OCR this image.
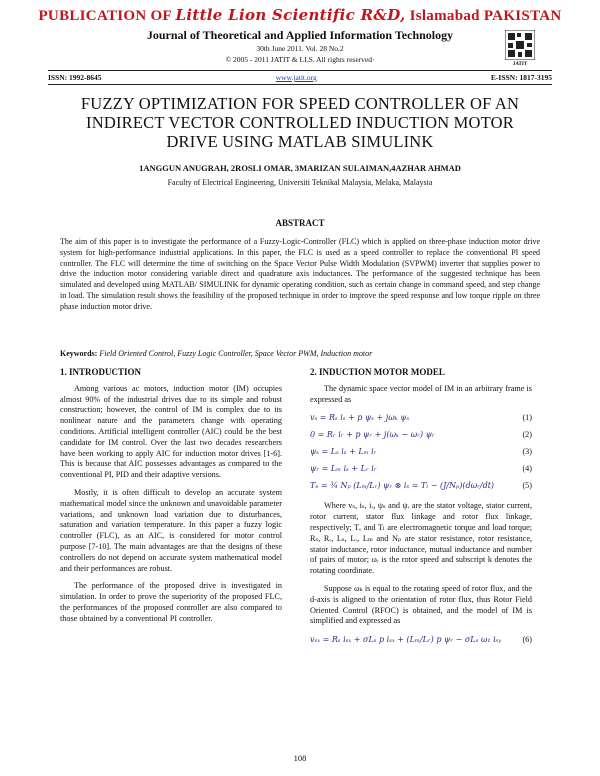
PUBLICATION OF Little Lion Scientific R&D, Islamabad PAKISTAN
Journal of Theoretical and Applied Information Technology
30th June 2011. Vol. 28 No.2
© 2005 - 2011 JATIT & LLS. All rights reserved·
JATIT
ISSN: 1992-8645	www.jatit.org	E-ISSN: 1817-3195
FUZZY OPTIMIZATION FOR SPEED CONTROLLER OF AN INDIRECT VECTOR CONTROLLED INDUCTION MOTOR DRIVE USING MATLAB SIMULINK
1ANGGUN ANUGRAH, 2ROSLI OMAR, 3MARIZAN SULAIMAN,4AZHAR AHMAD
Faculty of Electrical Engineering, Universiti Teknikal Malaysia, Melaka, Malaysia
ABSTRACT
The aim of this paper is to investigate the performance of a Fuzzy-Logic-Controller (FLC) which is applied on three-phase induction motor drive system for high-performance industrial applications. In this paper, the FLC is used as a speed controller to replace the conventional PI speed controller. The FLC will determine the time of switching on the Space Vector Pulse Width Modulation (SVPWM) inverter that supplies power to drive the induction motor considering variable direct and quadrature axis inductances. The performance of the suggested technique has been simulated and developed using MATLAB/ SIMULINK for dynamic operating condition, such as certain change in command speed, and step change in load. The simulation result shows the feasibility of the proposed technique in order to improve the speed response and low torque ripple on three phase induction motor drive.
Keywords: Field Oriented Control, Fuzzy Logic Controller, Space Vector PWM, Induction motor
1. INTRODUCTION

Among various ac motors, induction motor (IM) occupies almost 90% of the industrial drives due to its simple and robust construction; however, the control of IM is complex due to its nonlinear nature and the parameters change with operating conditions. Artificial intelligent controller (AIC) could be the best candidate for IM control. Over the last two decades researchers have been working to apply AIC for induction motor drives [1-6]. This is because that AIC possesses advantages as compared to the conventional PI, PID and their adaptive versions.

Mostly, it is often difficult to develop an accurate system mathematical model since the unknown and unavoidable parameter variations, and unknown load variation due to disturbances, saturation and variation temperature. In this paper a fuzzy logic controller (FLC), as an AIC, is considered for motor control purpose [7-10]. The main advantages are that the designs of these controllers do not depend on accurate system mathematical model and their performances are robust.

The performance of the proposed drive is investigated in simulation. In order to prove the superiority of the proposed FLC, the performances of the proposed controller are also compared to those obtained by a conventional PI controller.

2. INDUCTION MOTOR MODEL

The dynamic space vector model of IM in an arbitrary frame is expressed as

vₛ = Rₛ iₛ + p ψₛ + jωₖ ψₛ	(1)
0 = Rᵣ iᵣ + p ψᵣ + j(ωₖ − ωᵣ) ψᵣ	(2)
ψₛ = Lₛ iₛ + Lₘ iᵣ	(3)
ψᵣ = Lₘ iₛ + Lᵣ iᵣ	(4)
Tₑ = ¾ Nₚ (Lₘ/Lᵣ) ψᵣ ⊗ iₛ = Tₗ − (J/Nₚ)(dωᵣ/dt)	(5)

Where vₛ, iₛ, iᵣ, ψₛ and ψᵣ are the stator voltage, stator current, rotor current, stator flux linkage and rotor flux linkage, respectively; Tₑ and Tₗ are electromagnetic torque and load torque; Rₛ, Rᵣ, Lₛ, Lᵣ, Lₘ and Nₚ are stator resistance, rotor resistance, stator inductance, rotor inductance, mutual inductance and number of pairs of motor; ωᵣ is the rotor speed and subscript k denotes the rotating coordinate.

Suppose ωₖ is equal to the rotating speed of rotor flux, and the d-axis is aligned to the orientation of rotor flux, thus Rotor Field Oriented Control (RFOC) is obtained, and the model of IM is simplified and expressed as

vₛₓ = Rₛ iₛₓ + σLₛ p iₛₓ + (Lₘ/Lᵣ) p ψᵣ − σLₛ ω₁ iₛᵧ	(6)
108
